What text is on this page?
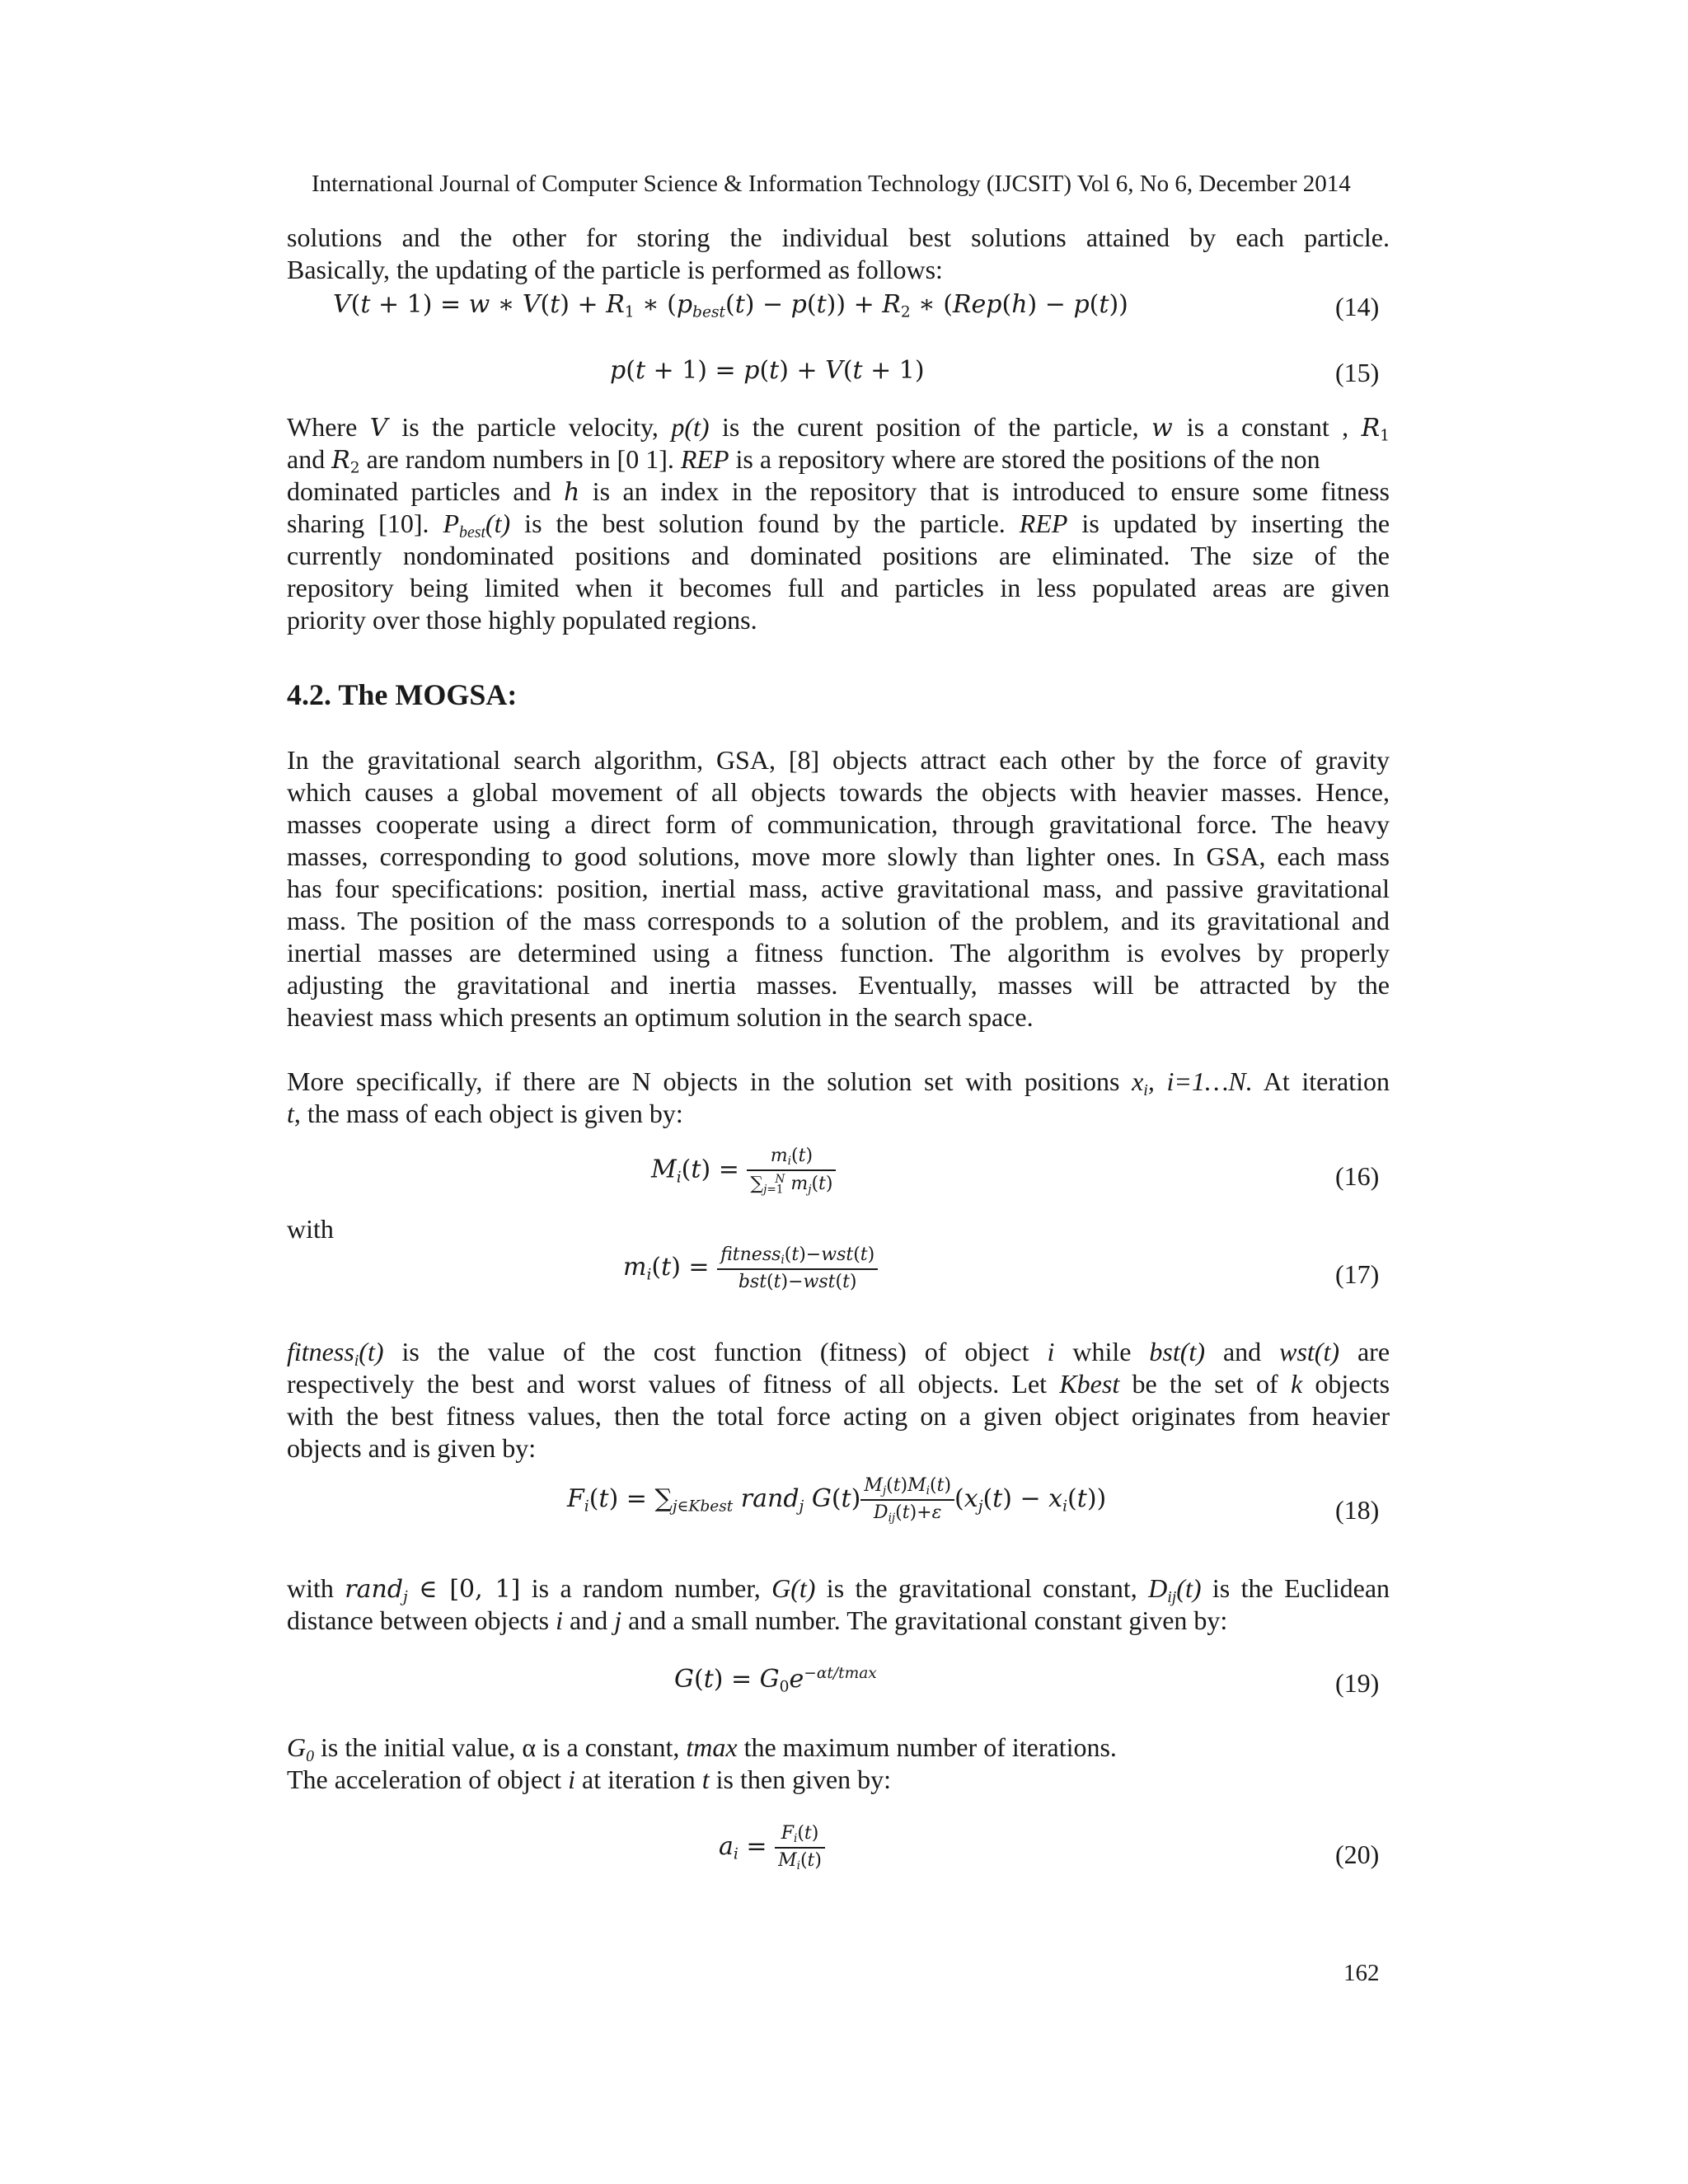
International Journal of Computer Science & Information Technology (IJCSIT) Vol 6, No 6, December 2014
solutions and the other for storing the individual best solutions attained by each particle.
Basically, the updating of the particle is performed as follows:
V(t + 1) = w ∗ $V(t) + R_1$ ∗ $(p_{best}(t) - p(t)) + R_2$ ∗ (Rep(h) − p(t))	(14)
p(t + 1) = p(t) + V(t + 1)	(15)
Where V is the particle velocity, p(t) is the curent position of the particle, w is a constant , $R_1$
and $R_2$ are random numbers in [0 1]. REP is a repository where are stored the positions of the non
dominated particles and h is an index in the repository that is introduced to ensure some fitness
sharing [10]. $P_{best}(t)$ is the best solution found by the particle. REP is updated by inserting the
currently nondominated positions and dominated positions are eliminated. The size of the
repository being limited when it becomes full and particles in less populated areas are given
priority over those highly populated regions.
4.2. The MOGSA:
In the gravitational search algorithm, GSA, [8] objects attract each other by the force of gravity
which causes a global movement of all objects towards the objects with heavier masses. Hence,
masses cooperate using a direct form of communication, through gravitational force. The heavy
masses, corresponding to good solutions, move more slowly than lighter ones. In GSA, each mass
has four specifications: position, inertial mass, active gravitational mass, and passive gravitational
mass. The position of the mass corresponds to a solution of the problem, and its gravitational and
inertial masses are determined using a fitness function. The algorithm is evolves by properly
adjusting the gravitational and inertia masses. Eventually, masses will be attracted by the
heaviest mass which presents an optimum solution in the search space.
More specifically, if there are N objects in the solution set with positions $x_i$, i=1…N. At iteration
t, the mass of each object is given by:
$M_i(t) = \frac{m_i(t)}{\sum_{j=1}^N m_j(t)}$	(16)
with
$m_i(t) = \frac{fitness_i(t)-wst(t)}{\text{bst(t)−wst(t)}}$	(17)
fitness$_i$(t) is the value of the cost function (fitness) of object i while bst(t) and wst(t) are
respectively the best and worst values of fitness of all objects. Let Kbest be the set of k objects
with the best fitness values, then the total force acting on a given object originates from heavier
objects and is given by:
$F_i(t) = \sum_{j\in Kbest}$ rand$_j$ $G(t) \frac{M_j(t)M_i(t)}{D_{ij}(t)+\varepsilon} (x_j(t) - x_i(t))$	(18)
with rand$_j$ ∈ [0, 1] is a random number, G(t) is the gravitational constant, $D_{ij}(t)$ is the Euclidean
distance between objects i and j and a small number. The gravitational constant given by:
$G(t) = G_0e^{-\alpha t/tmax}$	(19)
$G_0$ is the initial value, α is a constant, tmax the maximum number of iterations.
The acceleration of object i at iteration t is then given by:
$a_i = \frac{F_i(t)}{M_i(t)}$	(20)
162
